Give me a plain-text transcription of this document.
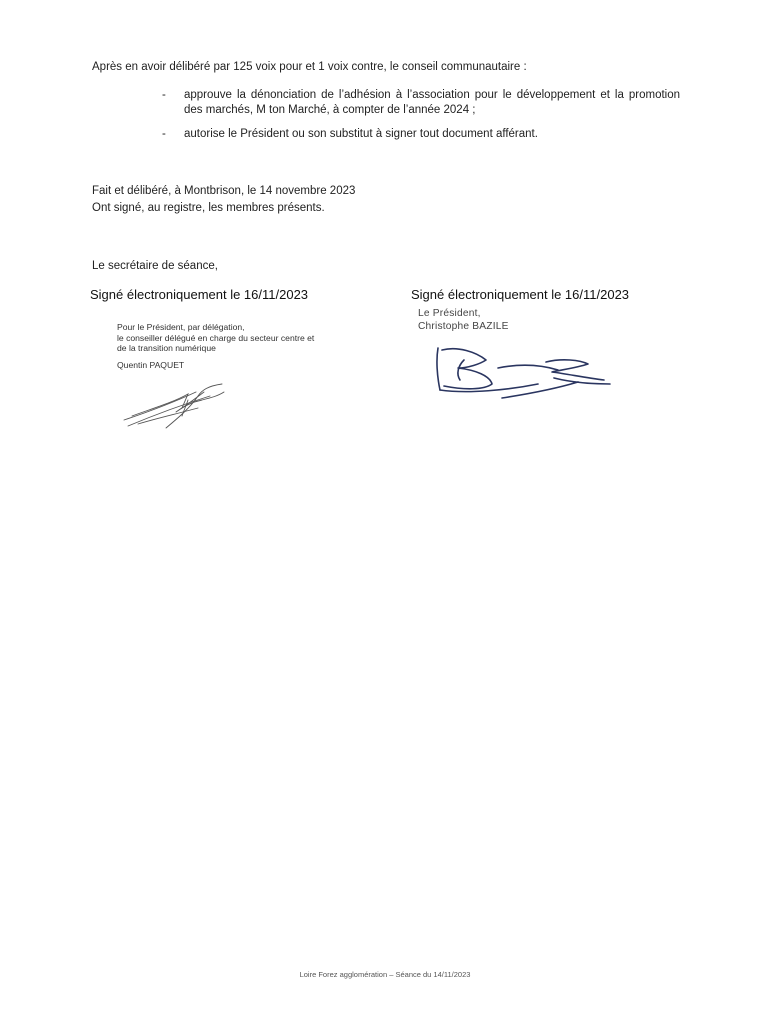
Après en avoir délibéré par 125 voix pour et 1 voix contre, le conseil communautaire :

- approuve la dénonciation de l’adhésion à l’association pour le développement et la promotion des marchés, M ton Marché, à compter de l’année 2024 ;
- autorise le Président ou son substitut à signer tout document afférant.

Fait et délibéré, à Montbrison, le 14 novembre 2023

Ont signé, au registre, les membres présents.

Le secrétaire de séance,

Signé électroniquement le 16/11/2023	Signé électroniquement le 16/11/2023
Pour le Président, par délégation,
le conseiller délégué en charge du secteur centre et
de la transition numérique
Quentin PAQUET
Le Président,
Christophe BAZILE
Loire Forez agglomération – Séance du 14/11/2023
